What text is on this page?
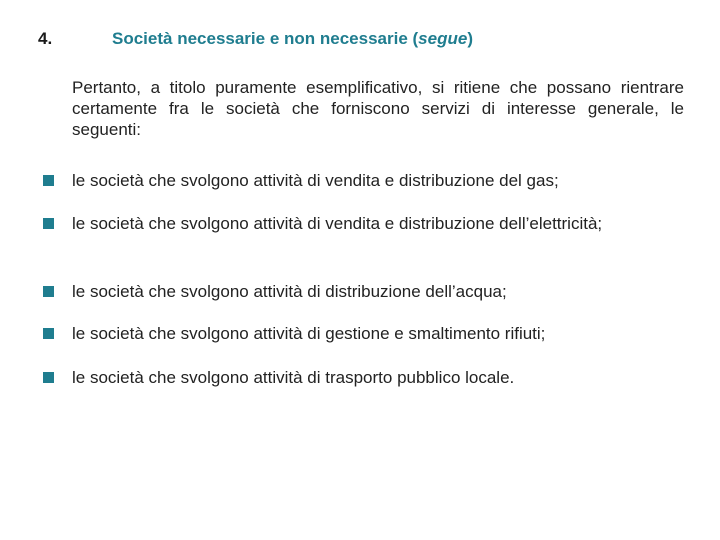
4.	Società necessarie e non necessarie (segue)
Pertanto, a titolo puramente esemplificativo, si ritiene che possano rientrare certamente fra le società che forniscono servizi di interesse generale, le seguenti:
le società che svolgono attività di vendita e distribuzione del gas;
le società che svolgono attività di vendita e distribuzione dell’elettricità;
le società che svolgono attività di distribuzione dell’acqua;
le società che svolgono attività di gestione e smaltimento rifiuti;
le società che svolgono attività di trasporto pubblico locale.
